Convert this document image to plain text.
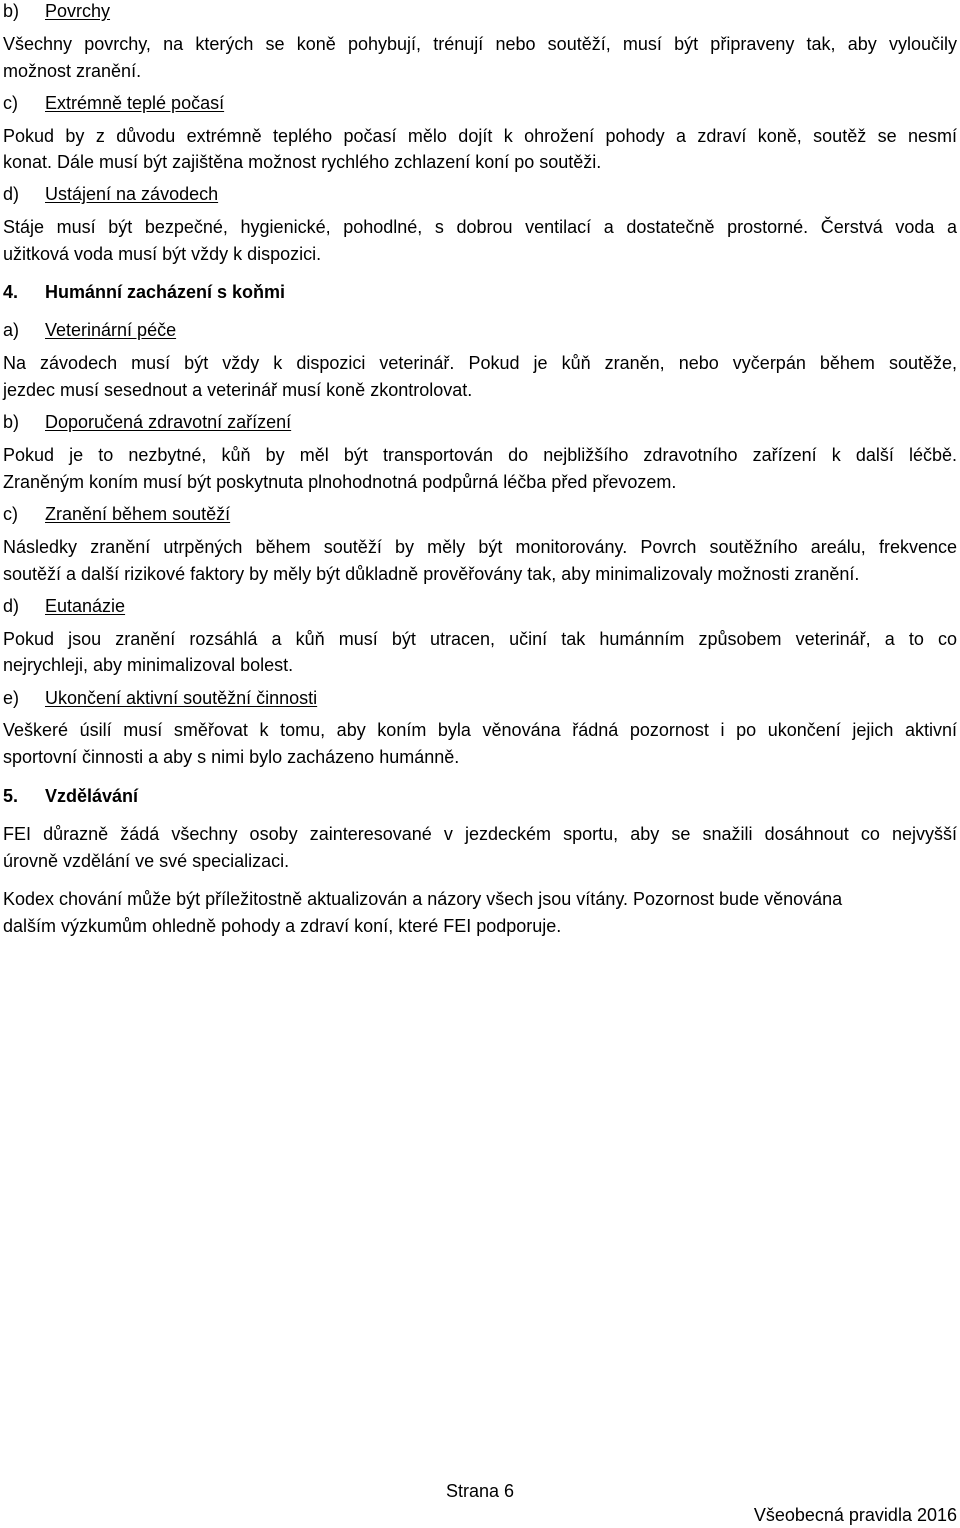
b) Povrchy
Všechny povrchy, na kterých se koně pohybují, trénují nebo soutěží, musí být připraveny tak, aby vyloučily
možnost zranění.
c) Extrémně teplé počasí
Pokud by z důvodu extrémně teplého počasí mělo dojít k ohrožení pohody a zdraví koně, soutěž se nesmí
konat. Dále musí být zajištěna možnost rychlého zchlazení koní po soutěži.
d) Ustájení na závodech
Stáje musí být bezpečné, hygienické, pohodlné, s dobrou ventilací a dostatečně prostorné. Čerstvá voda a
užitková voda musí být vždy k dispozici.
4. Humánní zacházení s koňmi
a) Veterinární péče
Na závodech musí být vždy k dispozici veterinář. Pokud je kůň zraněn, nebo vyčerpán během soutěže,
jezdec musí sesednout a veterinář musí koně zkontrolovat.
b) Doporučená zdravotní zařízení
Pokud je to nezbytné, kůň by měl být transportován do nejbližšího zdravotního zařízení k další léčbě.
Zraněným koním musí být poskytnuta plnohodnotná podpůrná léčba před převozem.
c) Zranění během soutěží
Následky zranění utrpěných během soutěží by měly být monitorovány. Povrch soutěžního areálu, frekvence
soutěží a další rizikové faktory by měly být důkladně prověřovány tak, aby minimalizovaly možnosti zranění.
d) Eutanázie
Pokud jsou zranění rozsáhlá a kůň musí být utracen, učiní tak humánním způsobem veterinář, a to co
nejrychleji, aby minimalizoval bolest.
e) Ukončení aktivní soutěžní činnosti
Veškeré úsilí musí směřovat k tomu, aby koním byla věnována řádná pozornost i po ukončení jejich aktivní
sportovní činnosti a aby s nimi bylo zacházeno humánně.
5. Vzdělávání
FEI důrazně žádá všechny osoby zainteresované v jezdeckém sportu, aby se snažili dosáhnout co nejvyšší
úrovně vzdělání ve své specializaci.
Kodex chování může být příležitostně aktualizován a názory všech jsou vítány. Pozornost bude věnována
dalším výzkumům ohledně pohody a zdraví koní, které FEI podporuje.
Strana 6
Všeobecná pravidla 2016
